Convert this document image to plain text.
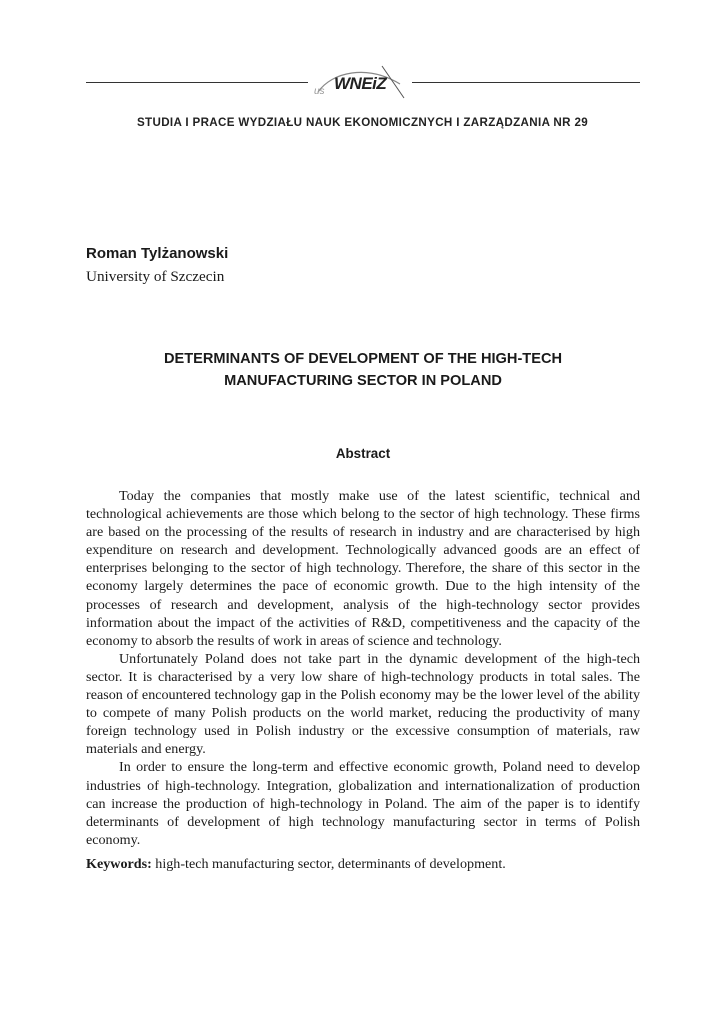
us WNEiZ
STUDIA I PRACE WYDZIAŁU NAUK EKONOMICZNYCH I ZARZĄDZANIA NR 29
Roman Tylżanowski
University of Szczecin
DETERMINANTS OF DEVELOPMENT OF THE HIGH-TECH
MANUFACTURING SECTOR IN POLAND
Abstract

Today the companies that mostly make use of the latest scientific, technical and technological achievements are those which belong to the sector of high technology. These firms are based on the processing of the results of research in industry and are characterised by high expenditure on research and development. Technologically advanced goods are an effect of enterprises belonging to the sector of high technology. Therefore, the share of this sector in the economy largely determines the pace of economic growth. Due to the high intensity of the processes of research and development, analysis of the high-technology sector provides information about the impact of the activities of R&D, competitiveness and the capacity of the economy to absorb the results of work in areas of science and technology.

Unfortunately Poland does not take part in the dynamic development of the high-tech sector. It is characterised by a very low share of high-technology products in total sales. The reason of encountered technology gap in the Polish economy may be the lower level of the ability to compete of many Polish products on the world market, reducing the productivity of many foreign technology used in Polish industry or the excessive consumption of materials, raw materials and energy.

In order to ensure the long-term and effective economic growth, Poland need to develop industries of high-technology. Integration, globalization and internationalization of production can increase the production of high-technology in Poland. The aim of the paper is to identify determinants of development of high technology manufacturing sector in terms of Polish economy.

Keywords: high-tech manufacturing sector, determinants of development.
